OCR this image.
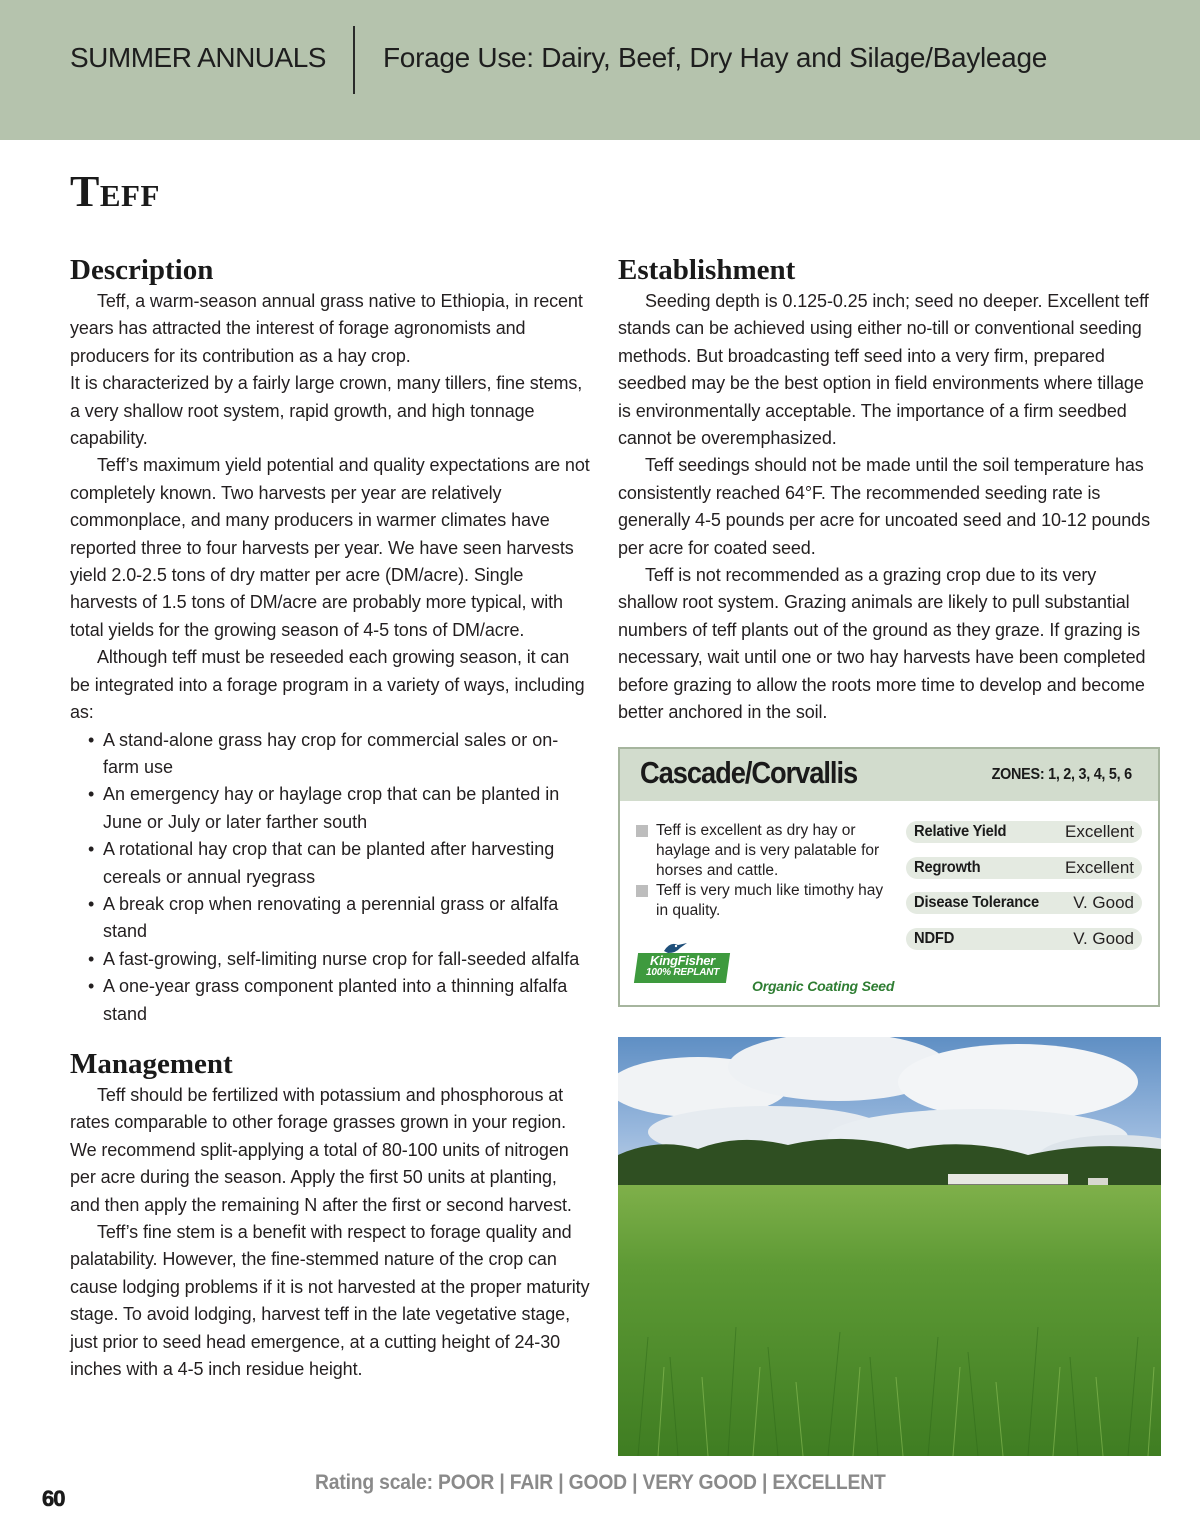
SUMMER ANNUALS Forage Use: Dairy, Beef, Dry Hay and Silage/Bayleage
Teff
Description

Teff, a warm-season annual grass native to Ethiopia, in recent years has attracted the interest of forage agronomists and producers for its contribution as a hay crop.

It is characterized by a fairly large crown, many tillers, fine stems, a very shallow root system, rapid growth, and high tonnage capability.

Teff’s maximum yield potential and quality expectations are not completely known. Two harvests per year are relatively commonplace, and many producers in warmer climates have reported three to four harvests per year. We have seen harvests yield 2.0-2.5 tons of dry matter per acre (DM/acre). Single harvests of 1.5 tons of DM/acre are probably more typical, with total yields for the growing season of 4-5 tons of DM/acre.

Although teff must be reseeded each growing season, it can be integrated into a forage program in a variety of ways, including as:

• A stand-alone grass hay crop for commercial sales or on-farm use
• An emergency hay or haylage crop that can be planted in June or July or later farther south
• A rotational hay crop that can be planted after harvesting cereals or annual ryegrass
• A break crop when renovating a perennial grass or alfalfa stand
• A fast-growing, self-limiting nurse crop for fall-seeded alfalfa
• A one-year grass component planted into a thinning alfalfa stand
Management

Teff should be fertilized with potassium and phosphorous at rates comparable to other forage grasses grown in your region. We recommend split-applying a total of 80-100 units of nitrogen per acre during the season. Apply the first 50 units at planting, and then apply the remaining N after the first or second harvest.

Teff’s fine stem is a benefit with respect to forage quality and palatability. However, the fine-stemmed nature of the crop can cause lodging problems if it is not harvested at the proper maturity stage. To avoid lodging, harvest teff in the late vegetative stage, just prior to seed head emergence, at a cutting height of 24-30 inches with a 4-5 inch residue height.

Establishment

Seeding depth is 0.125-0.25 inch; seed no deeper. Excellent teff stands can be achieved using either no-till or conventional seeding methods. But broadcasting teff seed into a very firm, prepared seedbed may be the best option in field environments where tillage is environmentally acceptable. The importance of a firm seedbed cannot be overemphasized.

Teff seedings should not be made until the soil temperature has consistently reached 64°F. The recommended seeding rate is generally 4-5 pounds per acre for uncoated seed and 10-12 pounds per acre for coated seed.

Teff is not recommended as a grazing crop due to its very shallow root system. Grazing animals are likely to pull substantial numbers of teff plants out of the ground as they graze. If grazing is necessary, wait until one or two hay harvests have been completed before grazing to allow the roots more time to develop and become better anchored in the soil.

Cascade/Corvallis	ZONES: 1, 2, 3, 4, 5, 6
Teff is excellent as dry hay or haylage and is very palatable for horses and cattle.
Teff is very much like timothy hay in quality.
Relative Yield	Excellent
Regrowth	Excellent
Disease Tolerance V. Good
NDFD	V. Good
KingFisher
100% REPLANT
Organic Coating Seed
Rating scale: POOR | FAIR | GOOD | VERY GOOD | EXCELLENT
60
